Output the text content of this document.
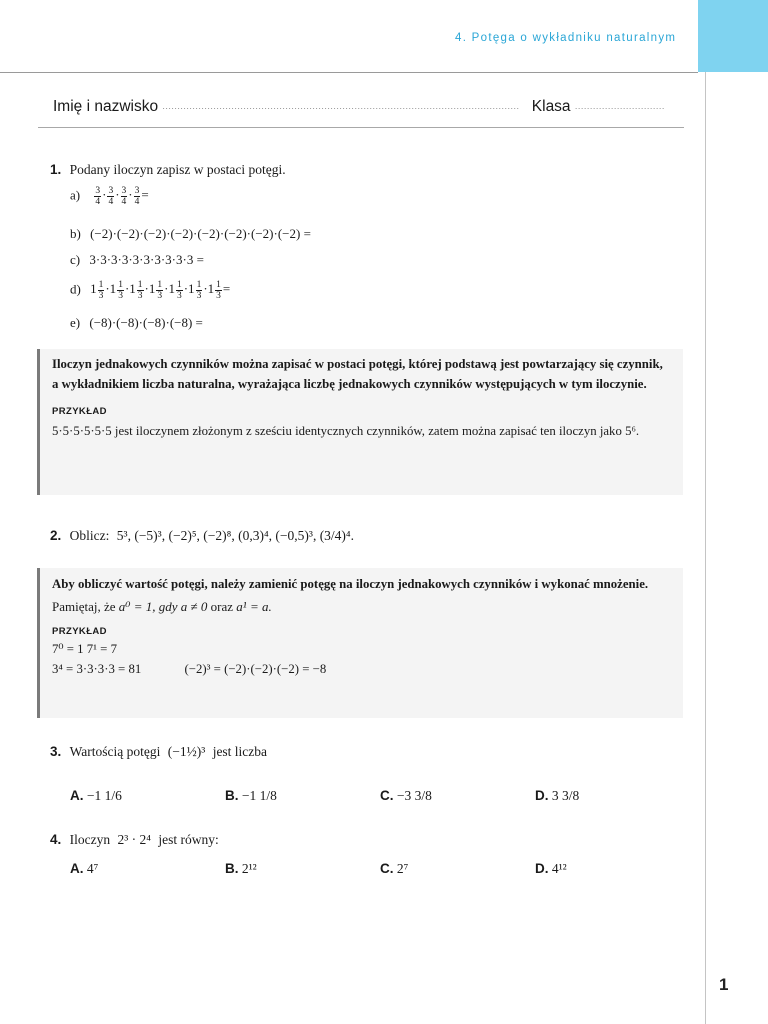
4. Potęga o wykładniku naturalnym
1
Imię i nazwisko ....................................................................................................................... Klasa ..............................
1. Podany iloczyn zapisz w postaci potęgi.
$a) \frac{3}{4} \cdot \frac{3}{4} \cdot \frac{3}{4} \cdot \frac{3}{4}$ =
b) (−2)·(−2)·(−2)·(−2)·(−2)·(−2)·(−2)·(−2) =
c) 3·3·3·3·3·3·3·3·3·3 =
d) $1 \frac{1}{3} \cdot 1 \frac{1}{3} \cdot 1 \frac{1}{3} \cdot 1 \frac{1}{3} \cdot 1 \frac{1}{3} \cdot 1 \frac{1}{3} \cdot 1 \frac{1}{3}$ =
e) (−8)·(−8)·(−8)·(−8) =
Iloczyn jednakowych czynników można zapisać w postaci potęgi, której podstawą jest powtarzający się czynnik, a wykładnikiem liczba naturalna, wyrażająca liczbę jednakowych czynników występujących w tym iloczynie.
PRZYKŁAD
5·5·5·5·5·5 jest iloczynem złożonym z sześciu identycznych czynników, zatem można zapisać ten iloczyn jako 5⁶.
2. Oblicz: 5³, (−5)³, (−2)⁵, (−2)⁸, (0,3)⁴, (−0,5)³, (3/4)⁴.
Aby obliczyć wartość potęgi, należy zamienić potęgę na iloczyn jednakowych czynników i wykonać mnożenie.
Pamiętaj, że a⁰ = 1, gdy a ≠ 0 oraz a¹ = a.
PRZYKŁAD
7⁰ = 1 7¹ = 7
3⁴ = 3·3·3·3 = 81	(−2)³ = (−2)·(−2)·(−2) = −8
3. Wartością potęgi (−1½)³ jest liczba
A. −1 1/6	B. −1 1/8	C. −3 3/8	D. 3 3/8
4. Iloczyn 2³ · 2⁴ jest równy:
A. 4⁷	B. 2¹²	C. 2⁷	D. 4¹²
